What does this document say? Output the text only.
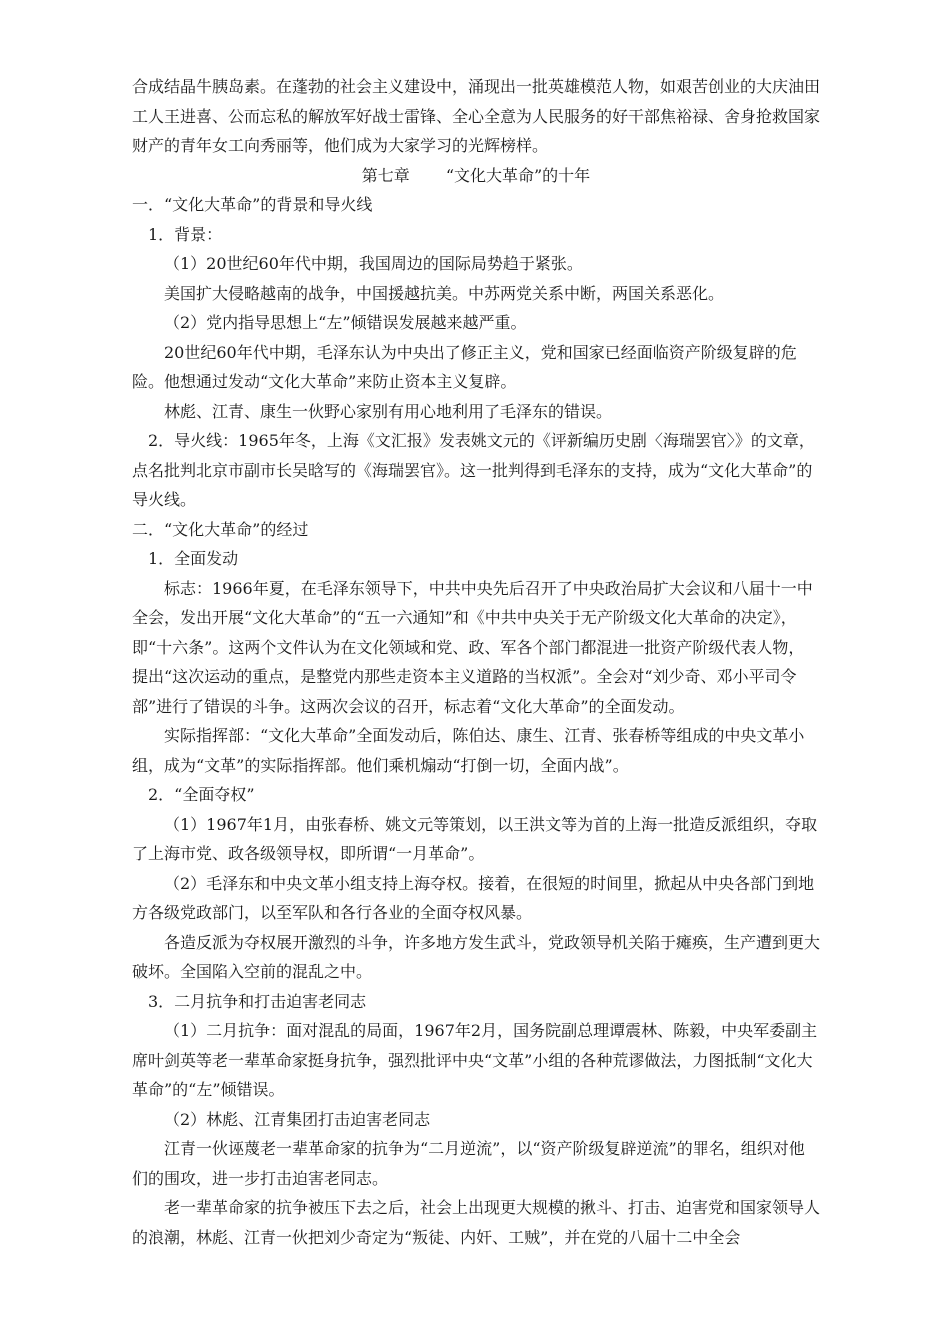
合成结晶牛胰岛素。在蓬勃的社会主义建设中，涌现出一批英雄模范人物，如艰苦创业的大庆油田工人王进喜、公而忘私的解放军好战士雷锋、全心全意为人民服务的好干部焦裕禄、舍身抢救国家财产的青年女工向秀丽等，他们成为大家学习的光辉榜样。

第七章 “文化大革命”的十年

一．“文化大革命”的背景和导火线

1．背景：

（1）20世纪60年代中期，我国周边的国际局势趋于紧张。

美国扩大侵略越南的战争，中国援越抗美。中苏两党关系中断，两国关系恶化。

（2）党内指导思想上“左”倾错误发展越来越严重。

20世纪60年代中期，毛泽东认为中央出了修正主义，党和国家已经面临资产阶级复辟的危险。他想通过发动“文化大革命”来防止资本主义复辟。

林彪、江青、康生一伙野心家别有用心地利用了毛泽东的错误。

2．导火线：1965年冬，上海《文汇报》发表姚文元的《评新编历史剧〈海瑞罢官〉》的文章，点名批判北京市副市长吴晗写的《海瑞罢官》。这一批判得到毛泽东的支持，成为“文化大革命”的导火线。

二．“文化大革命”的经过

1．全面发动

标志：1966年夏，在毛泽东领导下，中共中央先后召开了中央政治局扩大会议和八届十一中全会，发出开展“文化大革命”的“五一六通知”和《中共中央关于无产阶级文化大革命的决定》，即“十六条”。这两个文件认为在文化领域和党、政、军各个部门都混进一批资产阶级代表人物，提出“这次运动的重点，是整党内那些走资本主义道路的当权派”。全会对“刘少奇、邓小平司令部”进行了错误的斗争。这两次会议的召开，标志着“文化大革命”的全面发动。

实际指挥部：“文化大革命”全面发动后，陈伯达、康生、江青、张春桥等组成的中央文革小组，成为“文革”的实际指挥部。他们乘机煽动“打倒一切，全面内战”。

2．“全面夺权”

（1）1967年1月，由张春桥、姚文元等策划，以王洪文等为首的上海一批造反派组织，夺取了上海市党、政各级领导权，即所谓“一月革命”。

（2）毛泽东和中央文革小组支持上海夺权。接着，在很短的时间里，掀起从中央各部门到地方各级党政部门，以至军队和各行各业的全面夺权风暴。

各造反派为夺权展开激烈的斗争，许多地方发生武斗，党政领导机关陷于瘫痪，生产遭到更大破坏。全国陷入空前的混乱之中。

3．二月抗争和打击迫害老同志

（1）二月抗争：面对混乱的局面，1967年2月，国务院副总理谭震林、陈毅，中央军委副主席叶剑英等老一辈革命家挺身抗争，强烈批评中央“文革”小组的各种荒谬做法，力图抵制“文化大革命”的“左”倾错误。

（2）林彪、江青集团打击迫害老同志

江青一伙诬蔑老一辈革命家的抗争为“二月逆流”，以“资产阶级复辟逆流”的罪名，组织对他们的围攻，进一步打击迫害老同志。

老一辈革命家的抗争被压下去之后，社会上出现更大规模的揪斗、打击、迫害党和国家领导人的浪潮，林彪、江青一伙把刘少奇定为“叛徒、内奸、工贼”，并在党的八届十二中全会
